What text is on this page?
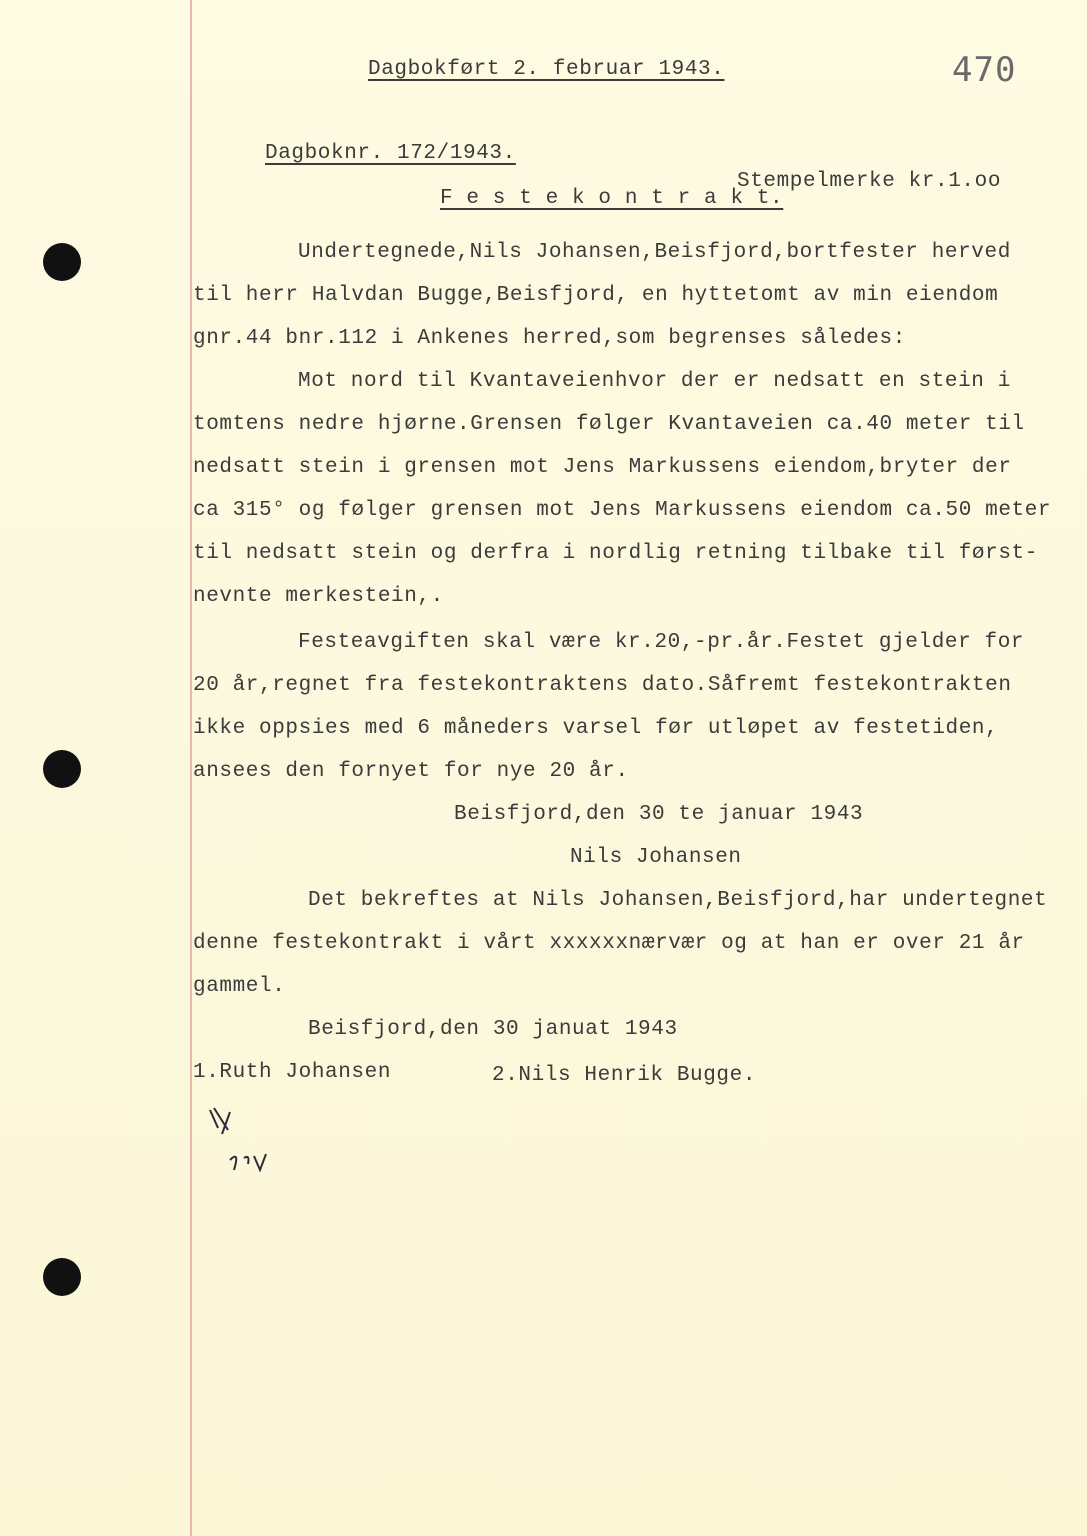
Dagbokført 2. februar 1943.	470
Dagboknr. 172/1943.
Stempelmerke kr.1.oo
F e s t e k o n t r a k t.
Undertegnede,Nils Johansen,Beisfjord,bortfester herved
til herr Halvdan Bugge,Beisfjord, en hyttetomt av min eiendom
gnr.44 bnr.112 i Ankenes herred,som begrenses således:
Mot nord til Kvantaveienhvor der er nedsatt en stein i
tomtens nedre hjørne.Grensen følger Kvantaveien ca.40 meter til
nedsatt stein i grensen mot Jens Markussens eiendom,bryter der
ca 315° og følger grensen mot Jens Markussens eiendom ca.50 meter
til nedsatt stein og derfra i nordlig retning tilbake til først-
nevnte merkestein,.
Festeavgiften skal være kr.20,-pr.år.Festet gjelder for
20 år,regnet fra festekontraktens dato.Såfremt festekontrakten
ikke oppsies med 6 måneders varsel før utløpet av festetiden,
ansees den fornyet for nye 20 år.
Beisfjord,den 30 te januar 1943
Nils Johansen
Det bekreftes at Nils Johansen,Beisfjord,har undertegnet
denne festekontrakt i vårt xxxxxxnærvær og at han er over 21 år
gammel.
Beisfjord,den 30 januat 1943
1.Ruth Johansen	2.Nils Henrik Bugge.
